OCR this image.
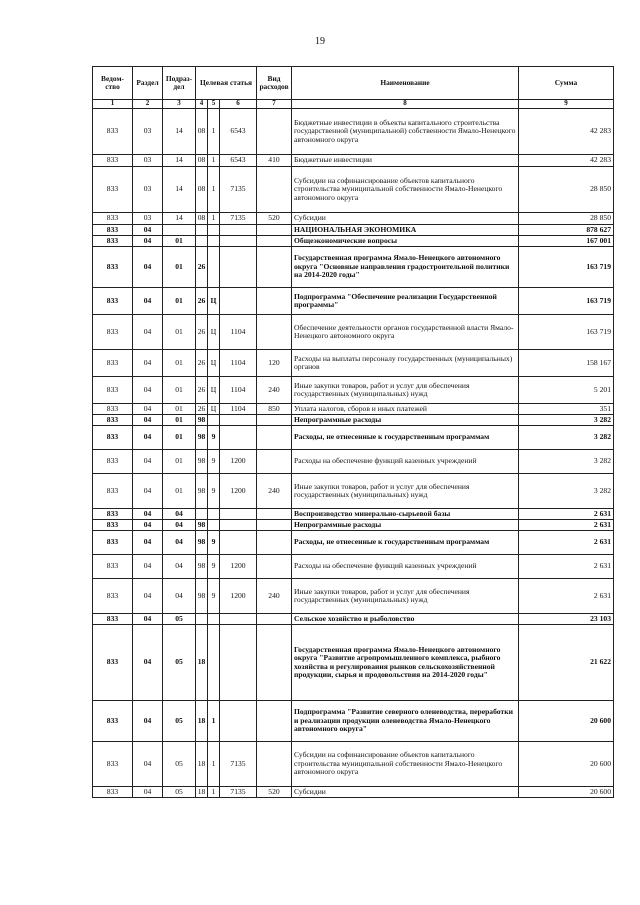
19
Ведом-ство	Раздел	Подраз-дел	Целевая статья			Вид расходов	Наименование	Сумма
1	2	3	4	5	6	7	8	9
833	03	14	08	1	6543		Бюджетные инвестиции в объекты капитального строительства государственной (муниципальной) собственности Ямало-Ненецкого автономного округа	42 283
833	03	14	08	1	6543	410	Бюджетные инвестиции	42 283
833	03	14	08	1	7135		Субсидии на софинансирование объектов капитального строительства муниципальной собственности Ямало-Ненецкого автономного округа	28 850
833	03	14	08	1	7135	520	Субсидии	28 850
833	04						НАЦИОНАЛЬНАЯ ЭКОНОМИКА	878 627
833	04	01					Общеэкономические вопросы	167 001
833	04	01	26				Государственная программа Ямало-Ненецкого автономного округа "Основные направления градостроительной политики на 2014-2020 годы"	163 719
833	04	01	26	Ц			Подпрограмма "Обеспечение реализации Государственной программы"	163 719
833	04	01	26	Ц	1104		Обеспечение деятельности органов государственной власти Ямало-Ненецкого автономного округа	163 719
833	04	01	26	Ц	1104	120	Расходы на выплаты персоналу государственных (муниципальных) органов	158 167
833	04	01	26	Ц	1104	240	Иные закупки товаров, работ и услуг для обеспечения государственных (муниципальных) нужд	5 201
833	04	01	26	Ц	1104	850	Уплата налогов, сборов и иных платежей	351
833	04	01	98				Непрограммные расходы	3 282
833	04	01	98	9			Расходы, не отнесенные к государственным программам	3 282
833	04	01	98	9	1200		Расходы на обеспечение функций казенных учреждений	3 282
833	04	01	98	9	1200	240	Иные закупки товаров, работ и услуг для обеспечения государственных (муниципальных) нужд	3 282
833	04	04					Воспроизводство минерально-сырьевой базы	2 631
833	04	04	98				Непрограммные расходы	2 631
833	04	04	98	9			Расходы, не отнесенные к государственным программам	2 631
833	04	04	98	9	1200		Расходы на обеспечение функций казенных учреждений	2 631
833	04	04	98	9	1200	240	Иные закупки товаров, работ и услуг для обеспечения государственных (муниципальных) нужд	2 631
833	04	05					Сельское хозяйство и рыболовство	23 103
833	04	05	18				Государственная программа Ямало-Ненецкого автономного округа "Развитие агропромышленного комплекса, рыбного хозяйства и регулирования рынков сельскохозяйственной продукции, сырья и продовольствия на 2014-2020 годы"	21 622
833	04	05	18	1			Подпрограмма "Развитие северного оленеводства, переработки и реализации продукции оленеводства Ямало-Ненецкого автономного округа"	20 600
833	04	05	18	1	7135		Субсидии на софинансирование объектов капитального строительства муниципальной собственности Ямало-Ненецкого автономного округа	20 600
833	04	05	18	1	7135	520	Субсидии	20 600
